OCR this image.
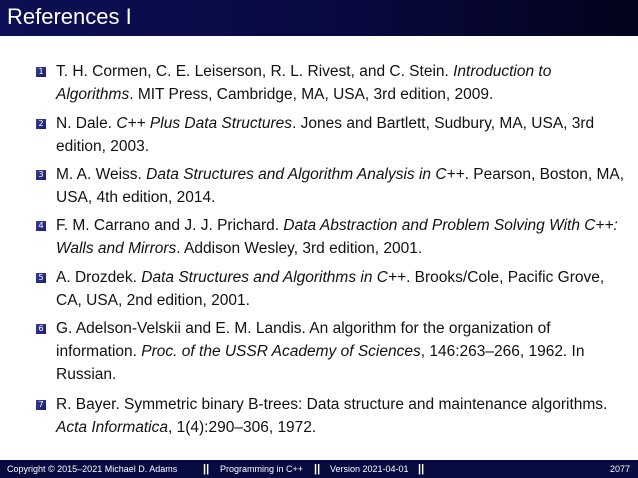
References I
1 T. H. Cormen, C. E. Leiserson, R. L. Rivest, and C. Stein. Introduction to Algorithms. MIT Press, Cambridge, MA, USA, 3rd edition, 2009.
2 N. Dale. C++ Plus Data Structures. Jones and Bartlett, Sudbury, MA, USA, 3rd edition, 2003.
3 M. A. Weiss. Data Structures and Algorithm Analysis in C++. Pearson, Boston, MA, USA, 4th edition, 2014.
4 F. M. Carrano and J. J. Prichard. Data Abstraction and Problem Solving With C++: Walls and Mirrors. Addison Wesley, 3rd edition, 2001.
5 A. Drozdek. Data Structures and Algorithms in C++. Brooks/Cole, Pacific Grove, CA, USA, 2nd edition, 2001.
6 G. Adelson-Velskii and E. M. Landis. An algorithm for the organization of information. Proc. of the USSR Academy of Sciences, 146:263–266, 1962. In Russian.
7 R. Bayer. Symmetric binary B-trees: Data structure and maintenance algorithms. Acta Informatica, 1(4):290–306, 1972.
Copyright © 2015–2021 Michael D. Adams || Programming in C++ || Version 2021-04-01 ||	2077
